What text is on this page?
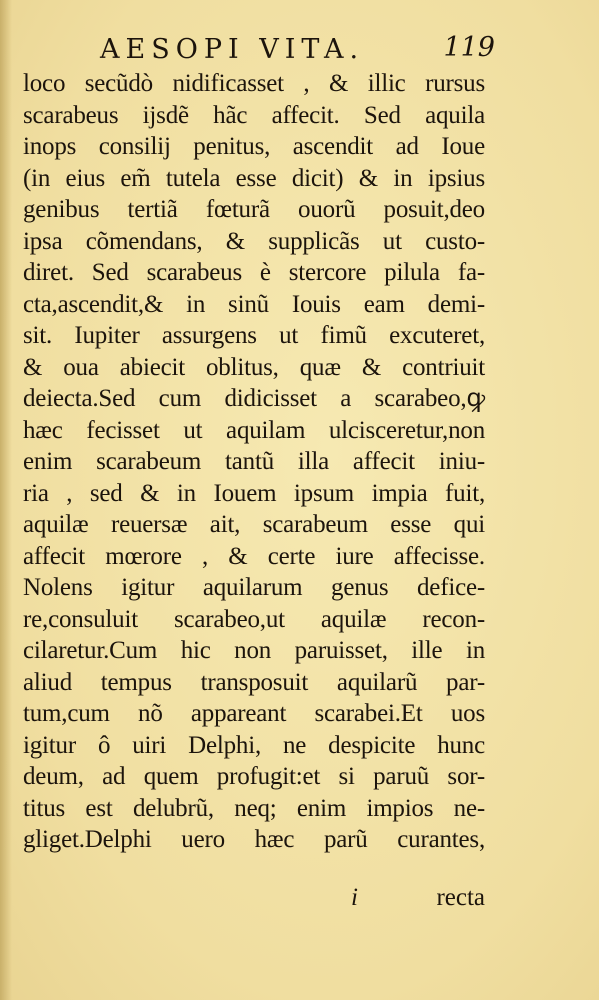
AESOPI VITA.	119
loco secũdò nidificasset , & illic rursus
scarabeus ijsdẽ hãc affecit. Sed aquila
inops consilij penitus, ascendit ad Ioue
(in eius em̃ tutela esse dicit) & in ipsius
genibus tertiã fœturã ouorũ posuit,deo
ipsa cõmendans, & supplicãs ut custo-
diret. Sed scarabeus è stercore pilula fa-
cta,ascendit,& in sinũ Iouis eam demi-
sit. Iupiter assurgens ut fimũ excuteret,
& oua abiecit oblitus, quæ & contriuit
deiecta.Sed cum didicisset a scarabeo,ꝙ
hæc fecisset ut aquilam ulcisceretur,non
enim scarabeum tantũ illa affecit iniu-
ria , sed & in Iouem ipsum impia fuit,
aquilæ reuersæ ait, scarabeum esse qui
affecit mœrore , & certe iure affecisse.
Nolens igitur aquilarum genus defice-
re,consuluit scarabeo,ut aquilæ recon-
cilaretur.Cum hic non paruisset, ille in
aliud tempus transposuit aquilarũ par-
tum,cum nõ appareant scarabei.Et uos
igitur ô uiri Delphi, ne despicite hunc
deum, ad quem profugit:et si paruũ sor-
titus est delubrũ, neq; enim impios ne-
gliget.Delphi uero hæc parũ curantes,
i	recta
